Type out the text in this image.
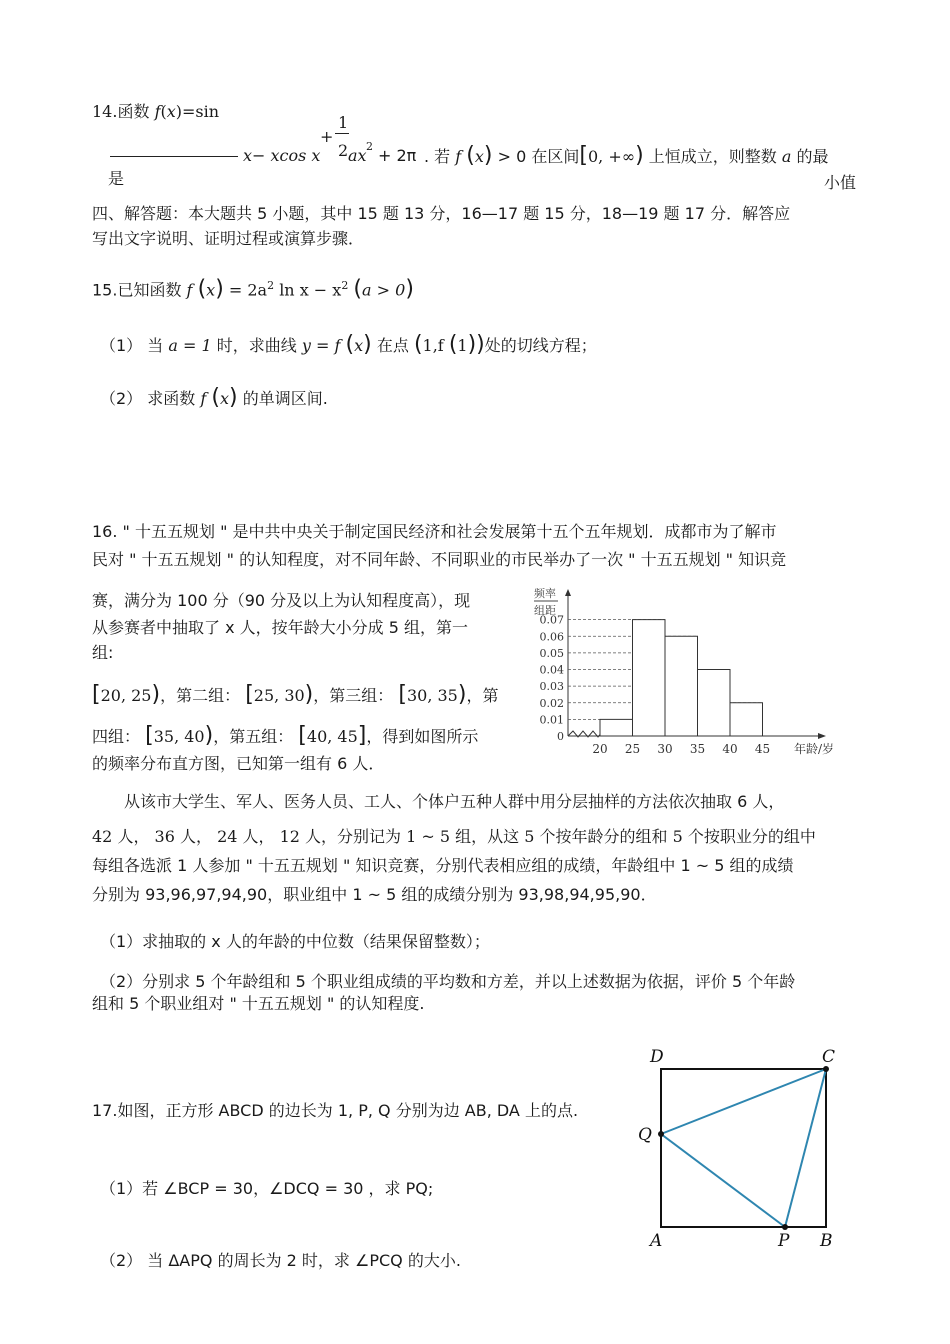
14.函数 f(x)=sin
x− xcos x
+
1
2 ax 2 + 2π . 若 f (x) > 0 在区间[0, +∞) 上恒成立，则整数 a 的最
是	小值
四、解答题：本大题共 5 小题，其中 15 题 13 分，16—17 题 15 分，18—19 题 17 分．解答应
写出文字说明、证明过程或演算步骤．
15.已知函数 f $(x) = 2a^2$ $\ln x - x^2$ (a > 0)
（1） 当 a = 1 时，求曲线 y = f (x) 在点 (1,f (1))处的切线方程；
（2） 求函数 f (x) 的单调区间.
16. " 十五五规划 " 是中共中央关于制定国民经济和社会发展第十五个五年规划．成都市为了解市
民对 " 十五五规划 " 的认知程度，对不同年龄、不同职业的市民举办了一次 " 十五五规划 " 知识竞
赛，满分为 100 分（90 分及以上为认知程度高），现
从参赛者中抽取了 x 人，按年龄大小分成 5 组，第一
组:
[20, 25)，第二组： [25, 30)，第三组： [30, 35)，第
四组： [35, 40)，第五组： [40, 45]，得到如图所示
的频率分布直方图，已知第一组有 6 人．
频率
组距
年龄/岁
0.07
0.06
0.05
0.04
0.03
0.02
0.01
0
20 25 30 35 40 45
从该市大学生、军人、医务人员、工人、个体户五种人群中用分层抽样的方法依次抽取 6 人，
42 人， 36 人， 24 人， 12 人，分别记为 1 ~ 5 组，从这 5 个按年龄分的组和 5 个按职业分的组中
每组各选派 1 人参加 " 十五五规划 " 知识竞赛，分别代表相应组的成绩，年龄组中 1 ~ 5 组的成绩
分别为 93,96,97,94,90，职业组中 1 ~ 5 组的成绩分别为 93,98,94,95,90．
（1）求抽取的 x 人的年龄的中位数（结果保留整数）；
（2）分别求 5 个年龄组和 5 个职业组成绩的平均数和方差，并以上述数据为依据，评价 5 个年龄
组和 5 个职业组对 " 十五五规划 " 的认知程度.
17.如图，正方形 ABCD 的边长为 1, P, Q 分别为边 AB, DA 上的点.
（1）若 ∠BCP = 30，∠DCQ = 30 ，求 PQ;
（2） 当 ΔAPQ 的周长为 2 时，求 ∠PCQ 的大小.
D	C
Q
A	P B
